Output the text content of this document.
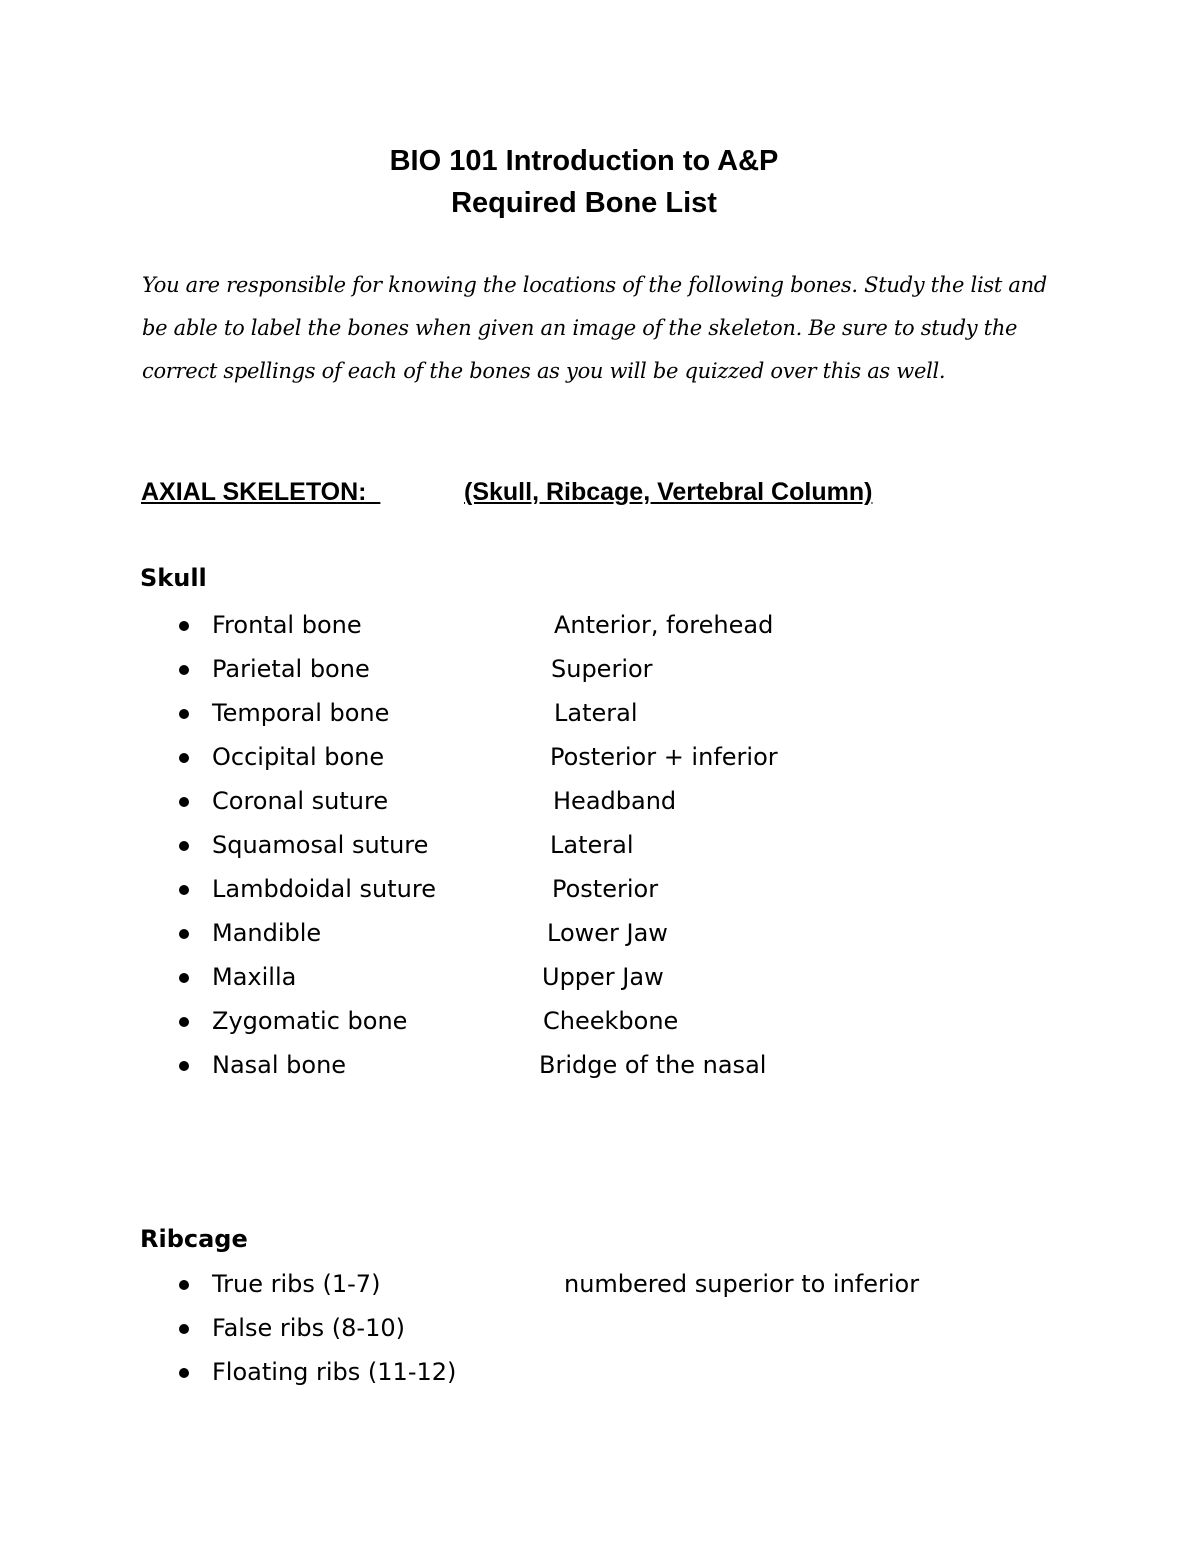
BIO 101 Introduction to A&P
Required Bone List
You are responsible for knowing the locations of the following bones. Study the list and be able to label the bones when given an image of the skeleton. Be sure to study the correct spellings of each of the bones as you will be quizzed over this as well.
AXIAL SKELETON:	(Skull, Ribcage, Vertebral Column)
Skull
Frontal bone	Anterior, forehead
Parietal bone	Superior
Temporal bone	Lateral
Occipital bone	Posterior + inferior
Coronal suture	Headband
Squamosal suture	Lateral
Lambdoidal suture	Posterior
Mandible	Lower Jaw
Maxilla	Upper Jaw
Zygomatic bone	Cheekbone
Nasal bone	Bridge of the nasal
Ribcage
True ribs (1-7)	numbered superior to inferior
False ribs (8-10)
Floating ribs (11-12)
